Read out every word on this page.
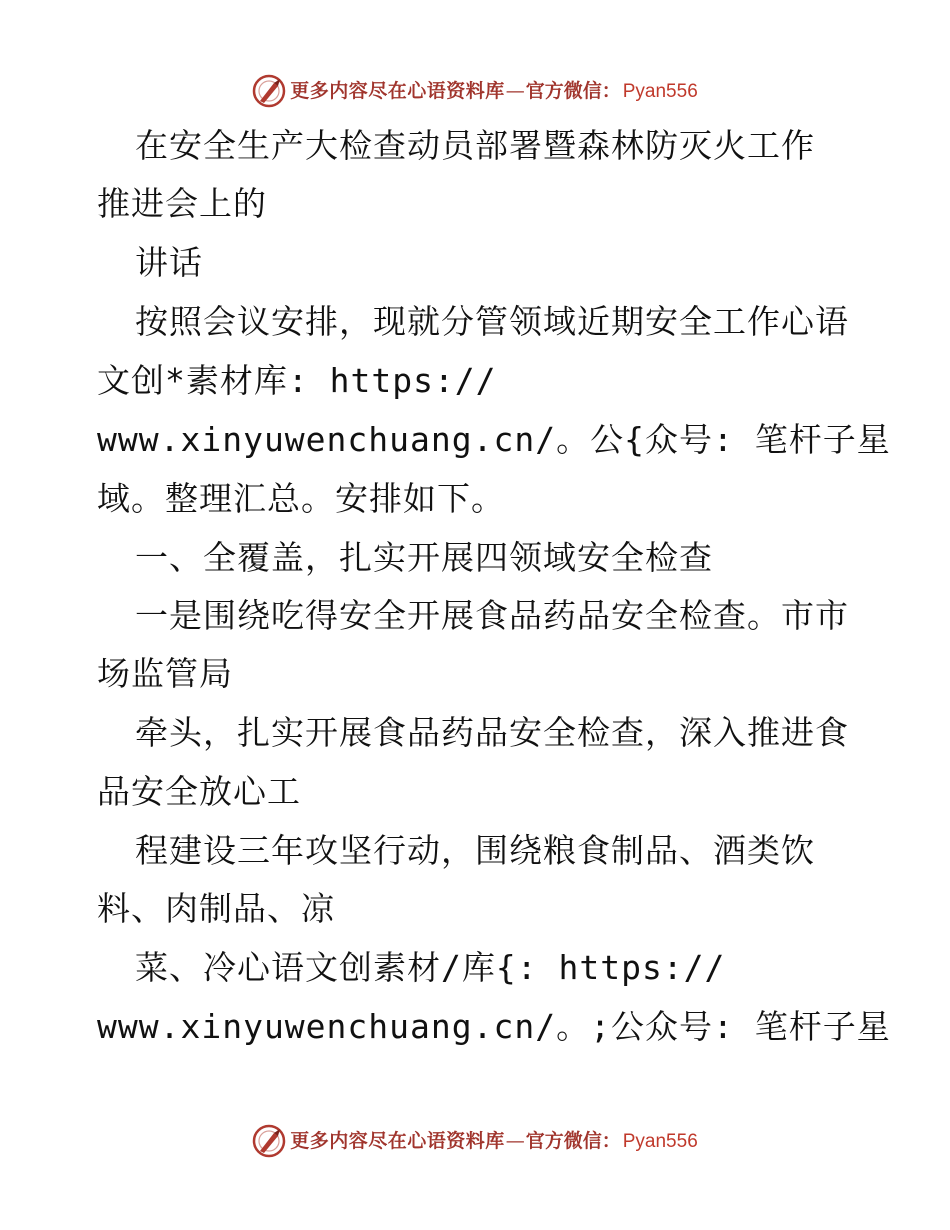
更多内容尽在心语资料库 — 官方微信： Pyan556
在安全生产大检查动员部署暨森林防灭火工作
推进会上的
讲话
按照会议安排，现就分管领域近期安全工作心语
文创*素材库: https://
www.xinyuwenchuang.cn/。公{众号: 笔杆子星
域。整理汇总。安排如下。
一、全覆盖，扎实开展四领域安全检查
一是围绕吃得安全开展食品药品安全检查。市市
场监管局
牵头，扎实开展食品药品安全检查，深入推进食
品安全放心工
程建设三年攻坚行动，围绕粮食制品、酒类饮
料、肉制品、凉
菜、冷心语文创素材/库{: https://
www.xinyuwenchuang.cn/。;公众号: 笔杆子星
更多内容尽在心语资料库 — 官方微信： Pyan556
